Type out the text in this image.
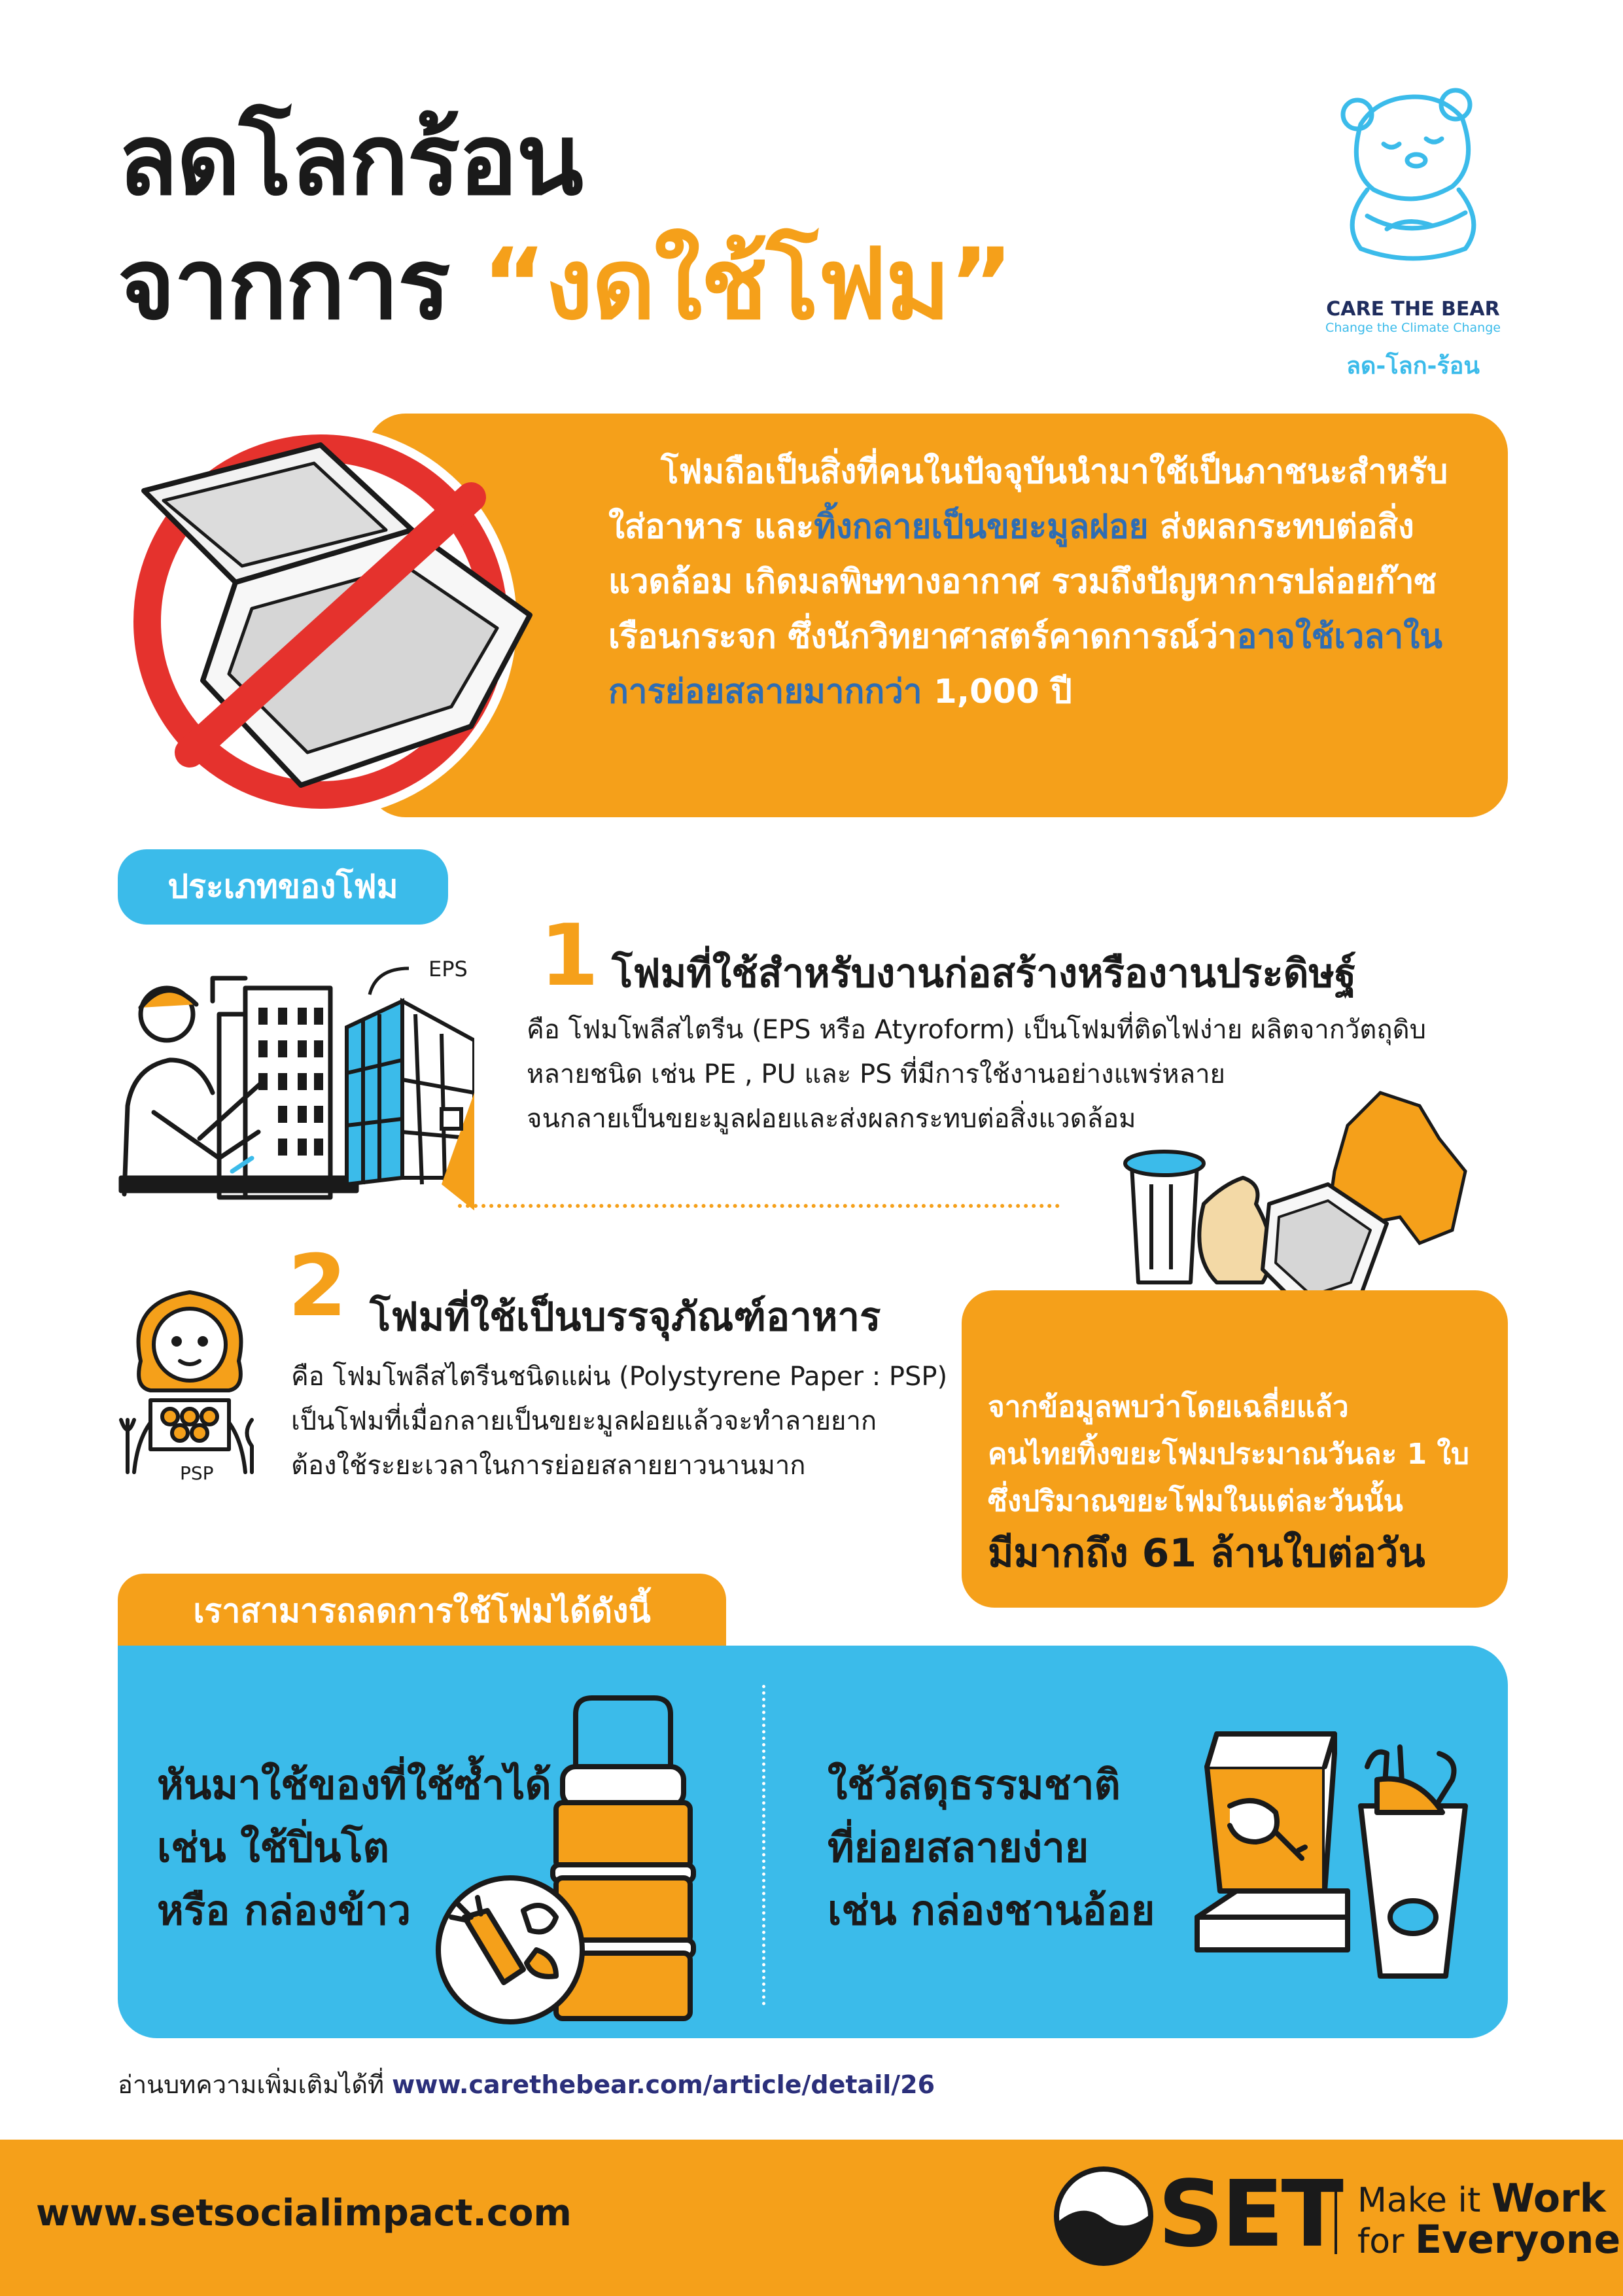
ลดโลกร้อน
จากการ “งดใช้โฟม”	CARE THE BEAR
Change the Climate Change
ลด-โลก-ร้อน
โฟมถือเป็นสิ่งที่คนในปัจจุบันนำมาใช้เป็นภาชนะสำหรับใส่อาหาร และทิ้งกลายเป็นขยะมูลฝอย ส่งผลกระทบต่อสิ่งแวดล้อม เกิดมลพิษทางอากาศ รวมถึงปัญหาการปล่อยก๊าซเรือนกระจก ซึ่งนักวิทยาศาสตร์คาดการณ์ว่าอาจใช้เวลาในการย่อยสลายมากกว่า 1,000 ปี
ประเภทของโฟม
EPS 1 โฟมที่ใช้สำหรับงานก่อสร้างหรืองานประดิษฐ์
คือ โฟมโพลีสไตรีน (EPS หรือ Atyroform) เป็นโฟมที่ติดไฟง่าย ผลิตจากวัตถุดิบ
หลายชนิด เช่น PE , PU และ PS ที่มีการใช้งานอย่างแพร่หลาย
จนกลายเป็นขยะมูลฝอยและส่งผลกระทบต่อสิ่งแวดล้อม
PSP
2 โฟมที่ใช้เป็นบรรจุภัณฑ์อาหาร
คือ โฟมโพลีสไตรีนชนิดแผ่น (Polystyrene Paper : PSP)
เป็นโฟมที่เมื่อกลายเป็นขยะมูลฝอยแล้วจะทำลายยาก
ต้องใช้ระยะเวลาในการย่อยสลายยาวนานมาก
จากข้อมูลพบว่าโดยเฉลี่ยแล้ว
คนไทยทิ้งขยะโฟมประมาณวันละ 1 ใบ
ซึ่งปริมาณขยะโฟมในแต่ละวันนั้น
มีมากถึง 61 ล้านใบต่อวัน
เราสามารถลดการใช้โฟมได้ดังนี้
หันมาใช้ของที่ใช้ซ้ำได้
เช่น ใช้ปิ่นโต
หรือ กล่องข้าว
ใช้วัสดุธรรมชาติ
ที่ย่อยสลายง่าย
เช่น กล่องชานอ้อย
อ่านบทความเพิ่มเติมได้ที่ www.carethebear.com/article/detail/26
www.setsocialimpact.com	SET Make it Work
for Everyone
